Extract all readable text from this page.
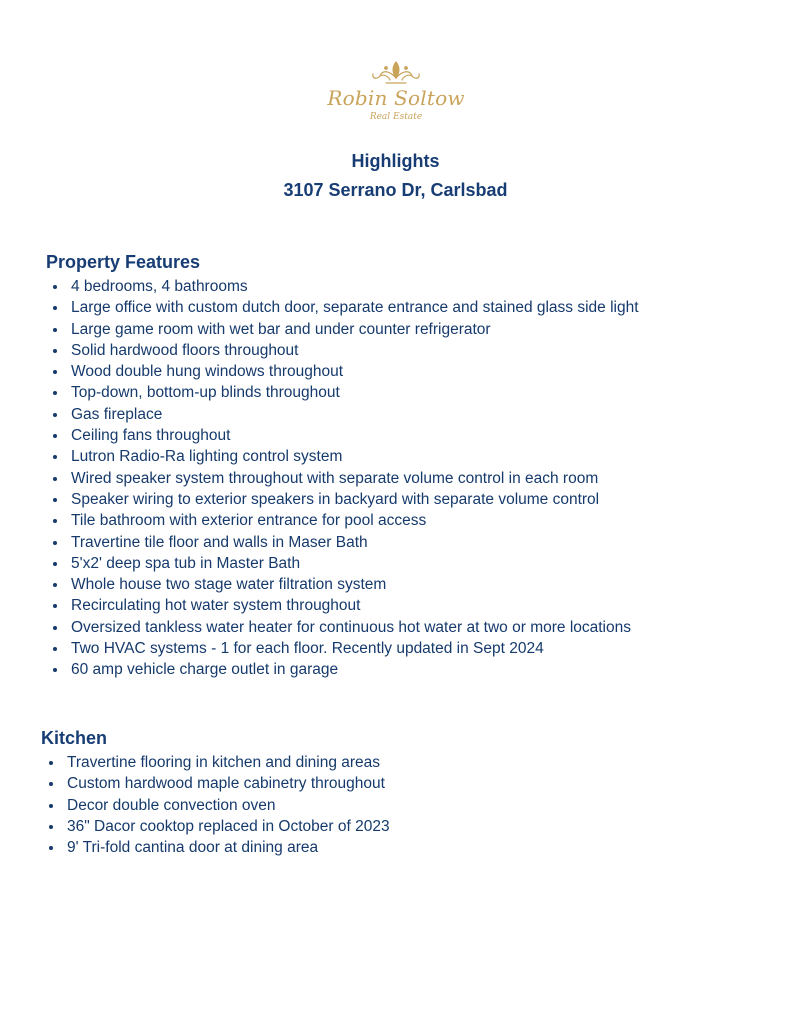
Robin Soltow
Real Estate
Highlights
3107 Serrano Dr, Carlsbad
Property Features
4 bedrooms, 4 bathrooms
Large office with custom dutch door, separate entrance and stained glass side light
Large game room with wet bar and under counter refrigerator
Solid hardwood floors throughout
Wood double hung windows throughout
Top-down, bottom-up blinds throughout
Gas fireplace
Ceiling fans throughout
Lutron Radio-Ra lighting control system
Wired speaker system throughout with separate volume control in each room
Speaker wiring to exterior speakers in backyard with separate volume control
Tile bathroom with exterior entrance for pool access
Travertine tile floor and walls in Maser Bath
5'x2' deep spa tub in Master Bath
Whole house two stage water filtration system
Recirculating hot water system throughout
Oversized tankless water heater for continuous hot water at two or more locations
Two HVAC systems - 1 for each floor. Recently updated in Sept 2024
60 amp vehicle charge outlet in garage
Kitchen
Travertine flooring in kitchen and dining areas
Custom hardwood maple cabinetry throughout
Decor double convection oven
36" Dacor cooktop replaced in October of 2023
9' Tri-fold cantina door at dining area
